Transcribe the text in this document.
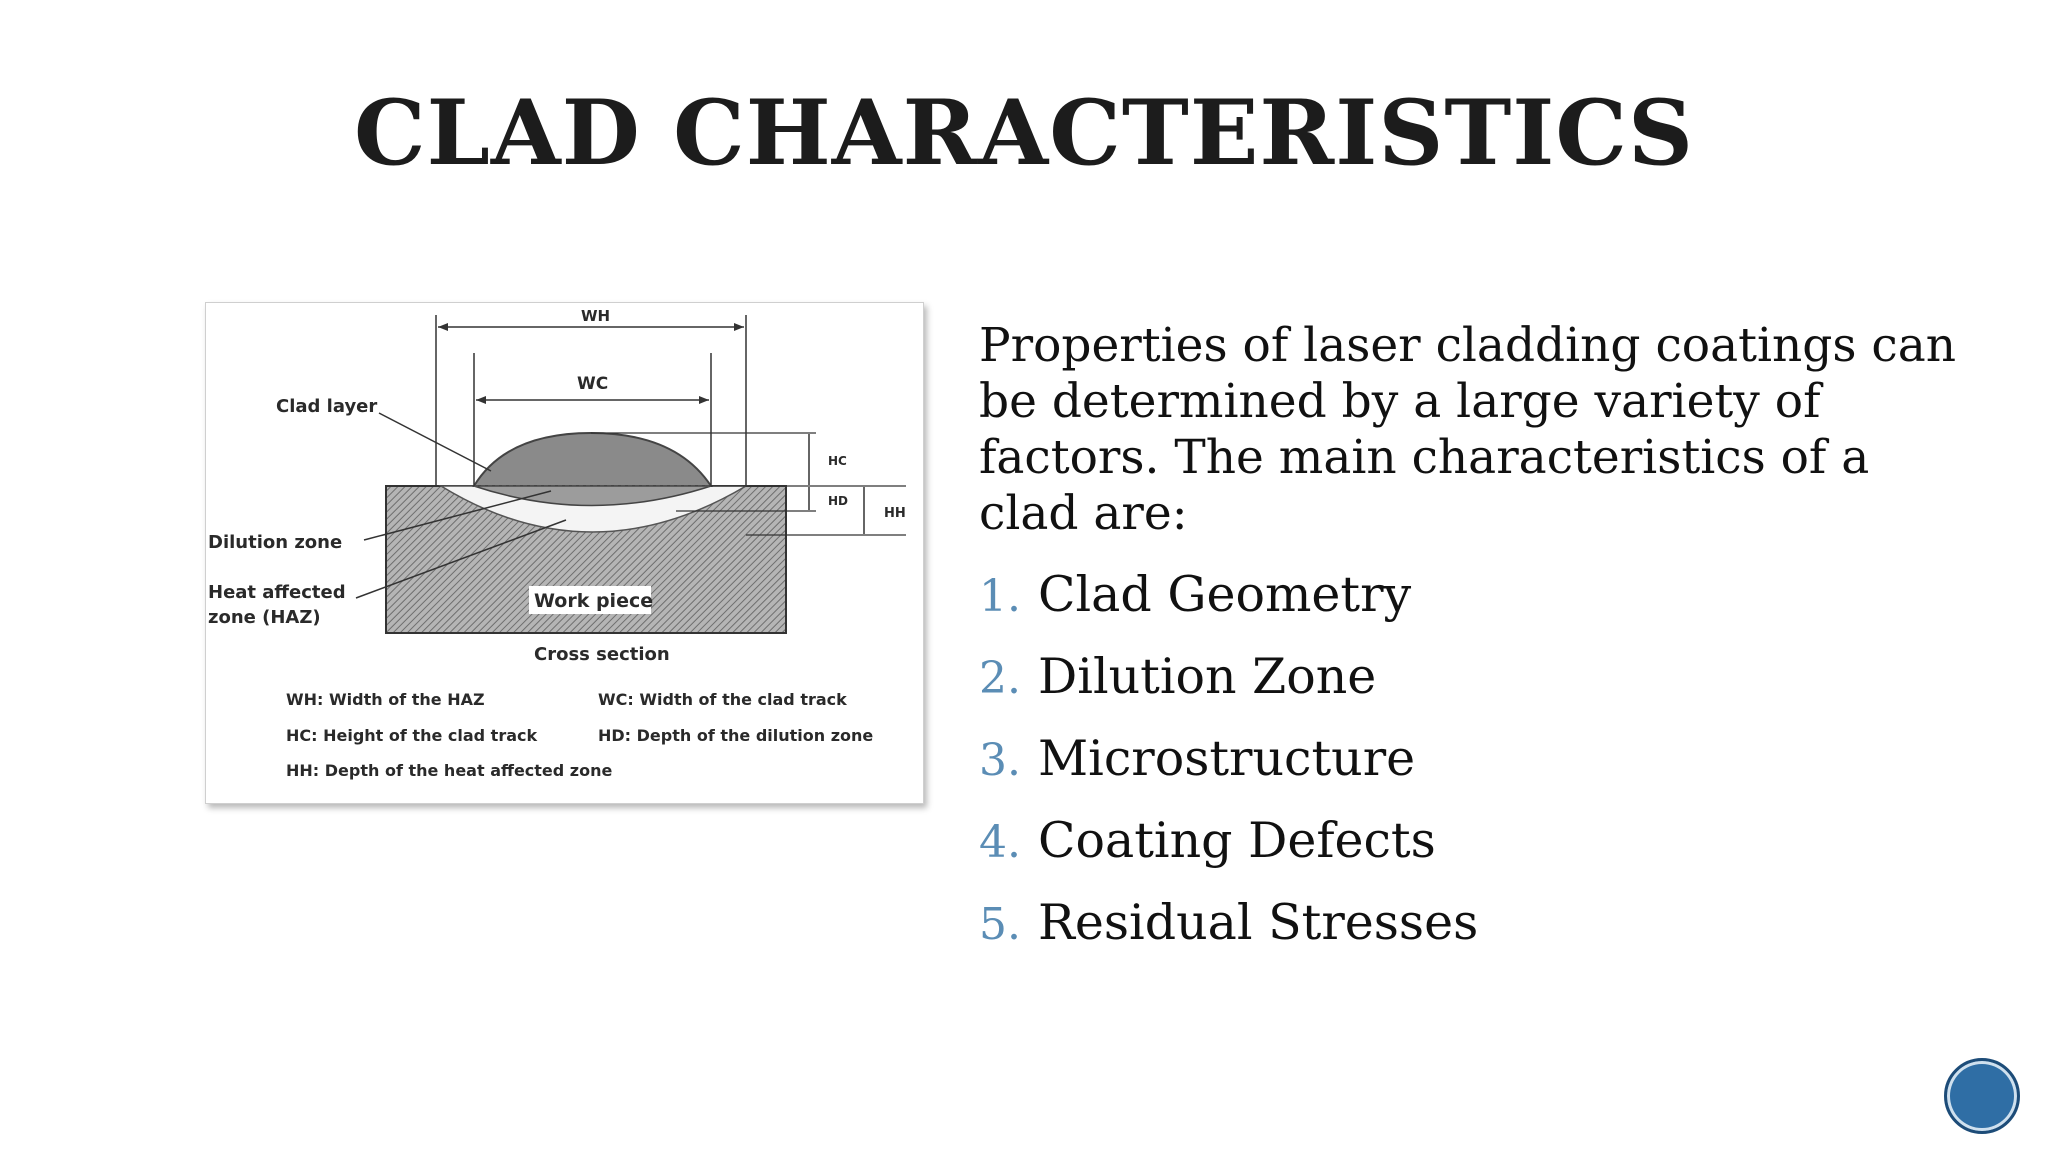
CLAD CHARACTERISTICS
WH
WC
HC
HD
HH
Clad layer
Dilution zone
Heat affected
zone (HAZ)
Work piece
Cross section
WH: Width of the HAZ	WC: Width of the clad track
HC: Height of the clad track	HD: Depth of the dilution zone
HH: Depth of the heat affected zone
Properties of laser cladding coatings can be determined by a large variety of factors. The main characteristics of a clad are:
1. Clad Geometry
2. Dilution Zone
3. Microstructure
4. Coating Defects
5. Residual Stresses
